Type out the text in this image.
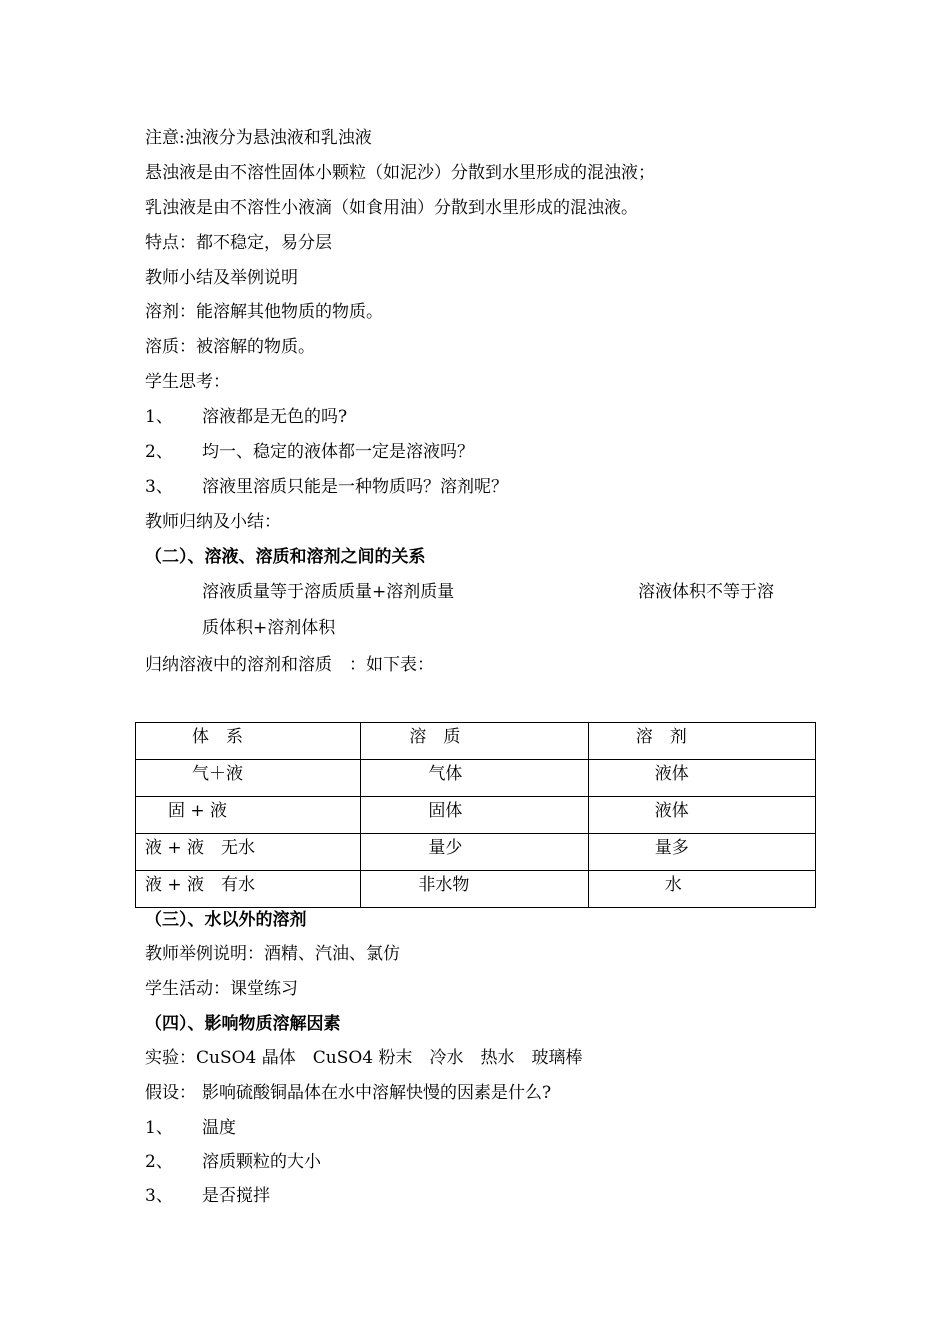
注意:浊液分为悬浊液和乳浊液
悬浊液是由不溶性固体小颗粒（如泥沙）分散到水里形成的混浊液；
乳浊液是由不溶性小液滴（如食用油）分散到水里形成的混浊液。
特点：都不稳定，易分层
教师小结及举例说明
溶剂：能溶解其他物质的物质。
溶质：被溶解的物质。
学生思考：
1、 溶液都是无色的吗?
2、 均一、稳定的液体都一定是溶液吗？
3、 溶液里溶质只能是一种物质吗？溶剂呢？
教师归纳及小结：
（二）、溶液、溶质和溶剂之间的关系
溶液质量等于溶质质量+溶剂质量	溶液体积不等于溶
质体积+溶剂体积
归纳溶液中的溶剂和溶质　：如下表：
体　系	溶　质	溶　剂

气＋液	气体	液体

固 + 液	固体	液体

液 + 液　无水	量少	量多

液 + 液　有水	非水物	水
（三）、水以外的溶剂
教师举例说明：酒精、汽油、氯仿
学生活动：课堂练习
（四）、影响物质溶解因素
实验：CuSO4 晶体　CuSO4 粉末　冷水　热水　玻璃棒
假设： 影响硫酸铜晶体在水中溶解快慢的因素是什么?
1、 温度
2、 溶质颗粒的大小
3、 是否搅拌
